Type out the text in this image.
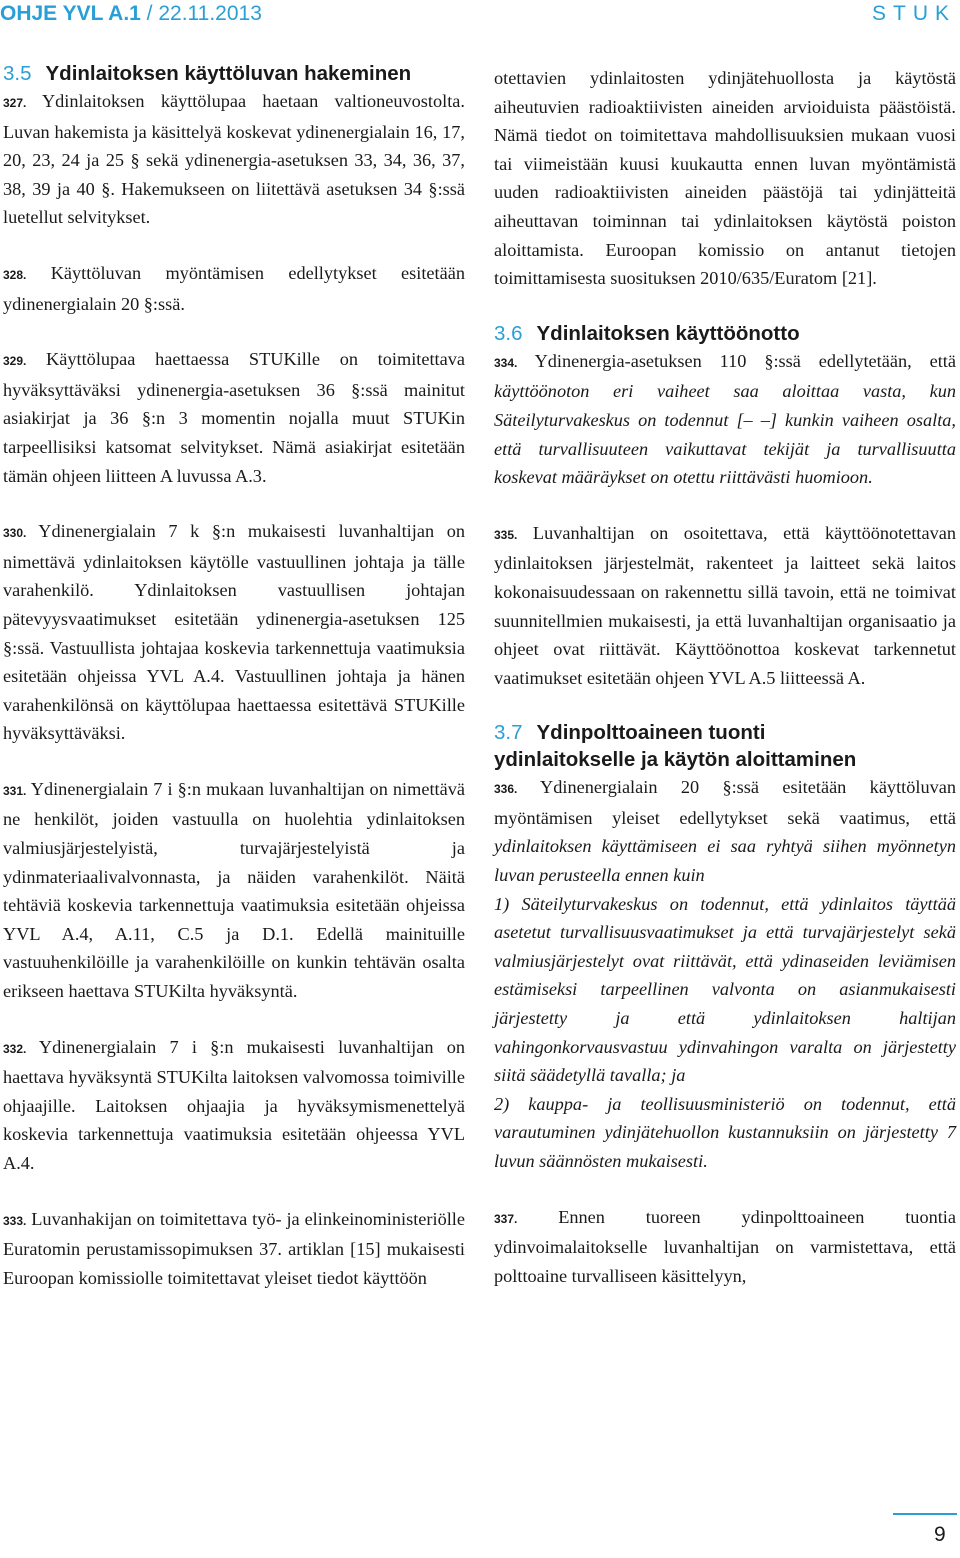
OHJE YVL A.1 / 22.11.2013	STUK
3.5 Ydinlaitoksen käyttöluvan hakeminen

327. Ydinlaitoksen käyttölupaa haetaan valtioneuvostolta. Luvan hakemista ja käsittelyä koskevat ydinenergialain 16, 17, 20, 23, 24 ja 25 § sekä ydinenergia-asetuksen 33, 34, 36, 37, 38, 39 ja 40 §. Hakemukseen on liitettävä asetuksen 34 §:ssä luetellut selvitykset.

328. Käyttöluvan myöntämisen edellytykset esitetään ydinenergialain 20 §:ssä.

329. Käyttölupaa haettaessa STUKille on toimitettava hyväksyttäväksi ydinenergia-asetuksen 36 §:ssä mainitut asiakirjat ja 36 §:n 3 momentin nojalla muut STUKin tarpeellisiksi katsomat selvitykset. Nämä asiakirjat esitetään tämän ohjeen liitteen A luvussa A.3.

330. Ydinenergialain 7 k §:n mukaisesti luvanhaltijan on nimettävä ydinlaitoksen käytölle vastuullinen johtaja ja tälle varahenkilö. Ydinlaitoksen vastuullisen johtajan pätevyysvaatimukset esitetään ydinenergia-asetuksen 125 §:ssä. Vastuullista johtajaa koskevia tarkennettuja vaatimuksia esitetään ohjeissa YVL A.4. Vastuullinen johtaja ja hänen varahenkilönsä on käyttölupaa haettaessa esitettävä STUKille hyväksyttäväksi.

331. Ydinenergialain 7 i §:n mukaan luvanhaltijan on nimettävä ne henkilöt, joiden vastuulla on huolehtia ydinlaitoksen valmiusjärjestelyistä, turvajärjestelyistä ja ydinmateriaalivalvonnasta, ja näiden varahenkilöt. Näitä tehtäviä koskevia tarkennettuja vaatimuksia esitetään ohjeissa YVL A.4, A.11, C.5 ja D.1. Edellä mainituille vastuuhenkilöille ja varahenkilöille on kunkin tehtävän osalta erikseen haettava STUKilta hyväksyntä.

332. Ydinenergialain 7 i §:n mukaisesti luvanhaltijan on haettava hyväksyntä STUKilta laitoksen valvomossa toimiville ohjaajille. Laitoksen ohjaajia ja hyväksymismenettelyä koskevia tarkennettuja vaatimuksia esitetään ohjeessa YVL A.4.

333. Luvanhakijan on toimitettava työ- ja elinkeinoministeriölle Euratomin perustamissopimuksen 37. artiklan [15] mukaisesti Euroopan komissiolle toimitettavat yleiset tiedot käyttöön

otettavien ydinlaitosten ydinjätehuollosta ja käytöstä aiheutuvien radioaktiivisten aineiden arvioiduista päästöistä. Nämä tiedot on toimitettava mahdollisuuksien mukaan vuosi tai viimeistään kuusi kuukautta ennen luvan myöntämistä uuden radioaktiivisten aineiden päästöjä tai ydinjätteitä aiheuttavan toiminnan tai ydinlaitoksen käytöstä poiston aloittamista. Euroopan komissio on antanut tietojen toimittamisesta suosituksen 2010/635/Euratom [21].

3.6 Ydinlaitoksen käyttöönotto

334. Ydinenergia-asetuksen 110 §:ssä edellytetään, että käyttöönoton eri vaiheet saa aloittaa vasta, kun Säteilyturvakeskus on todennut [– –] kunkin vaiheen osalta, että turvallisuuteen vaikuttavat tekijät ja turvallisuutta koskevat määräykset on otettu riittävästi huomioon.

335. Luvanhaltijan on osoitettava, että käyttöönotettavan ydinlaitoksen järjestelmät, rakenteet ja laitteet sekä laitos kokonaisuudessaan on rakennettu sillä tavoin, että ne toimivat suunnitellmien mukaisesti, ja että luvanhaltijan organisaatio ja ohjeet ovat riittävät. Käyttöönottoa koskevat tarkennetut vaatimukset esitetään ohjeen YVL A.5 liitteessä A.

3.7 Ydinpolttoaineen tuonti
ydinlaitokselle ja käytön aloittaminen

336. Ydinenergialain 20 §:ssä esitetään käyttöluvan myöntämisen yleiset edellytykset sekä vaatimus, että ydinlaitoksen käyttämiseen ei saa ryhtyä siihen myönnetyn luvan perusteella ennen kuin

1) Säteilyturvakeskus on todennut, että ydinlaitos täyttää asetetut turvallisuusvaatimukset ja että turvajärjestelyt sekä valmiusjärjestelyt ovat riittävät, että ydinaseiden leviämisen estämiseksi tarpeellinen valvonta on asianmukaisesti järjestetty ja että ydinlaitoksen haltijan vahingonkorvausvastuu ydinvahingon varalta on järjestetty siitä säädetyllä tavalla; ja

2) kauppa- ja teollisuusministeriö on todennut, että varautuminen ydinjätehuollon kustannuksiin on järjestetty 7 luvun säännösten mukaisesti.

337. Ennen tuoreen ydinpolttoaineen tuontia ydinvoimalaitokselle luvanhaltijan on varmistettava, että polttoaine turvalliseen käsittelyyn,

9
